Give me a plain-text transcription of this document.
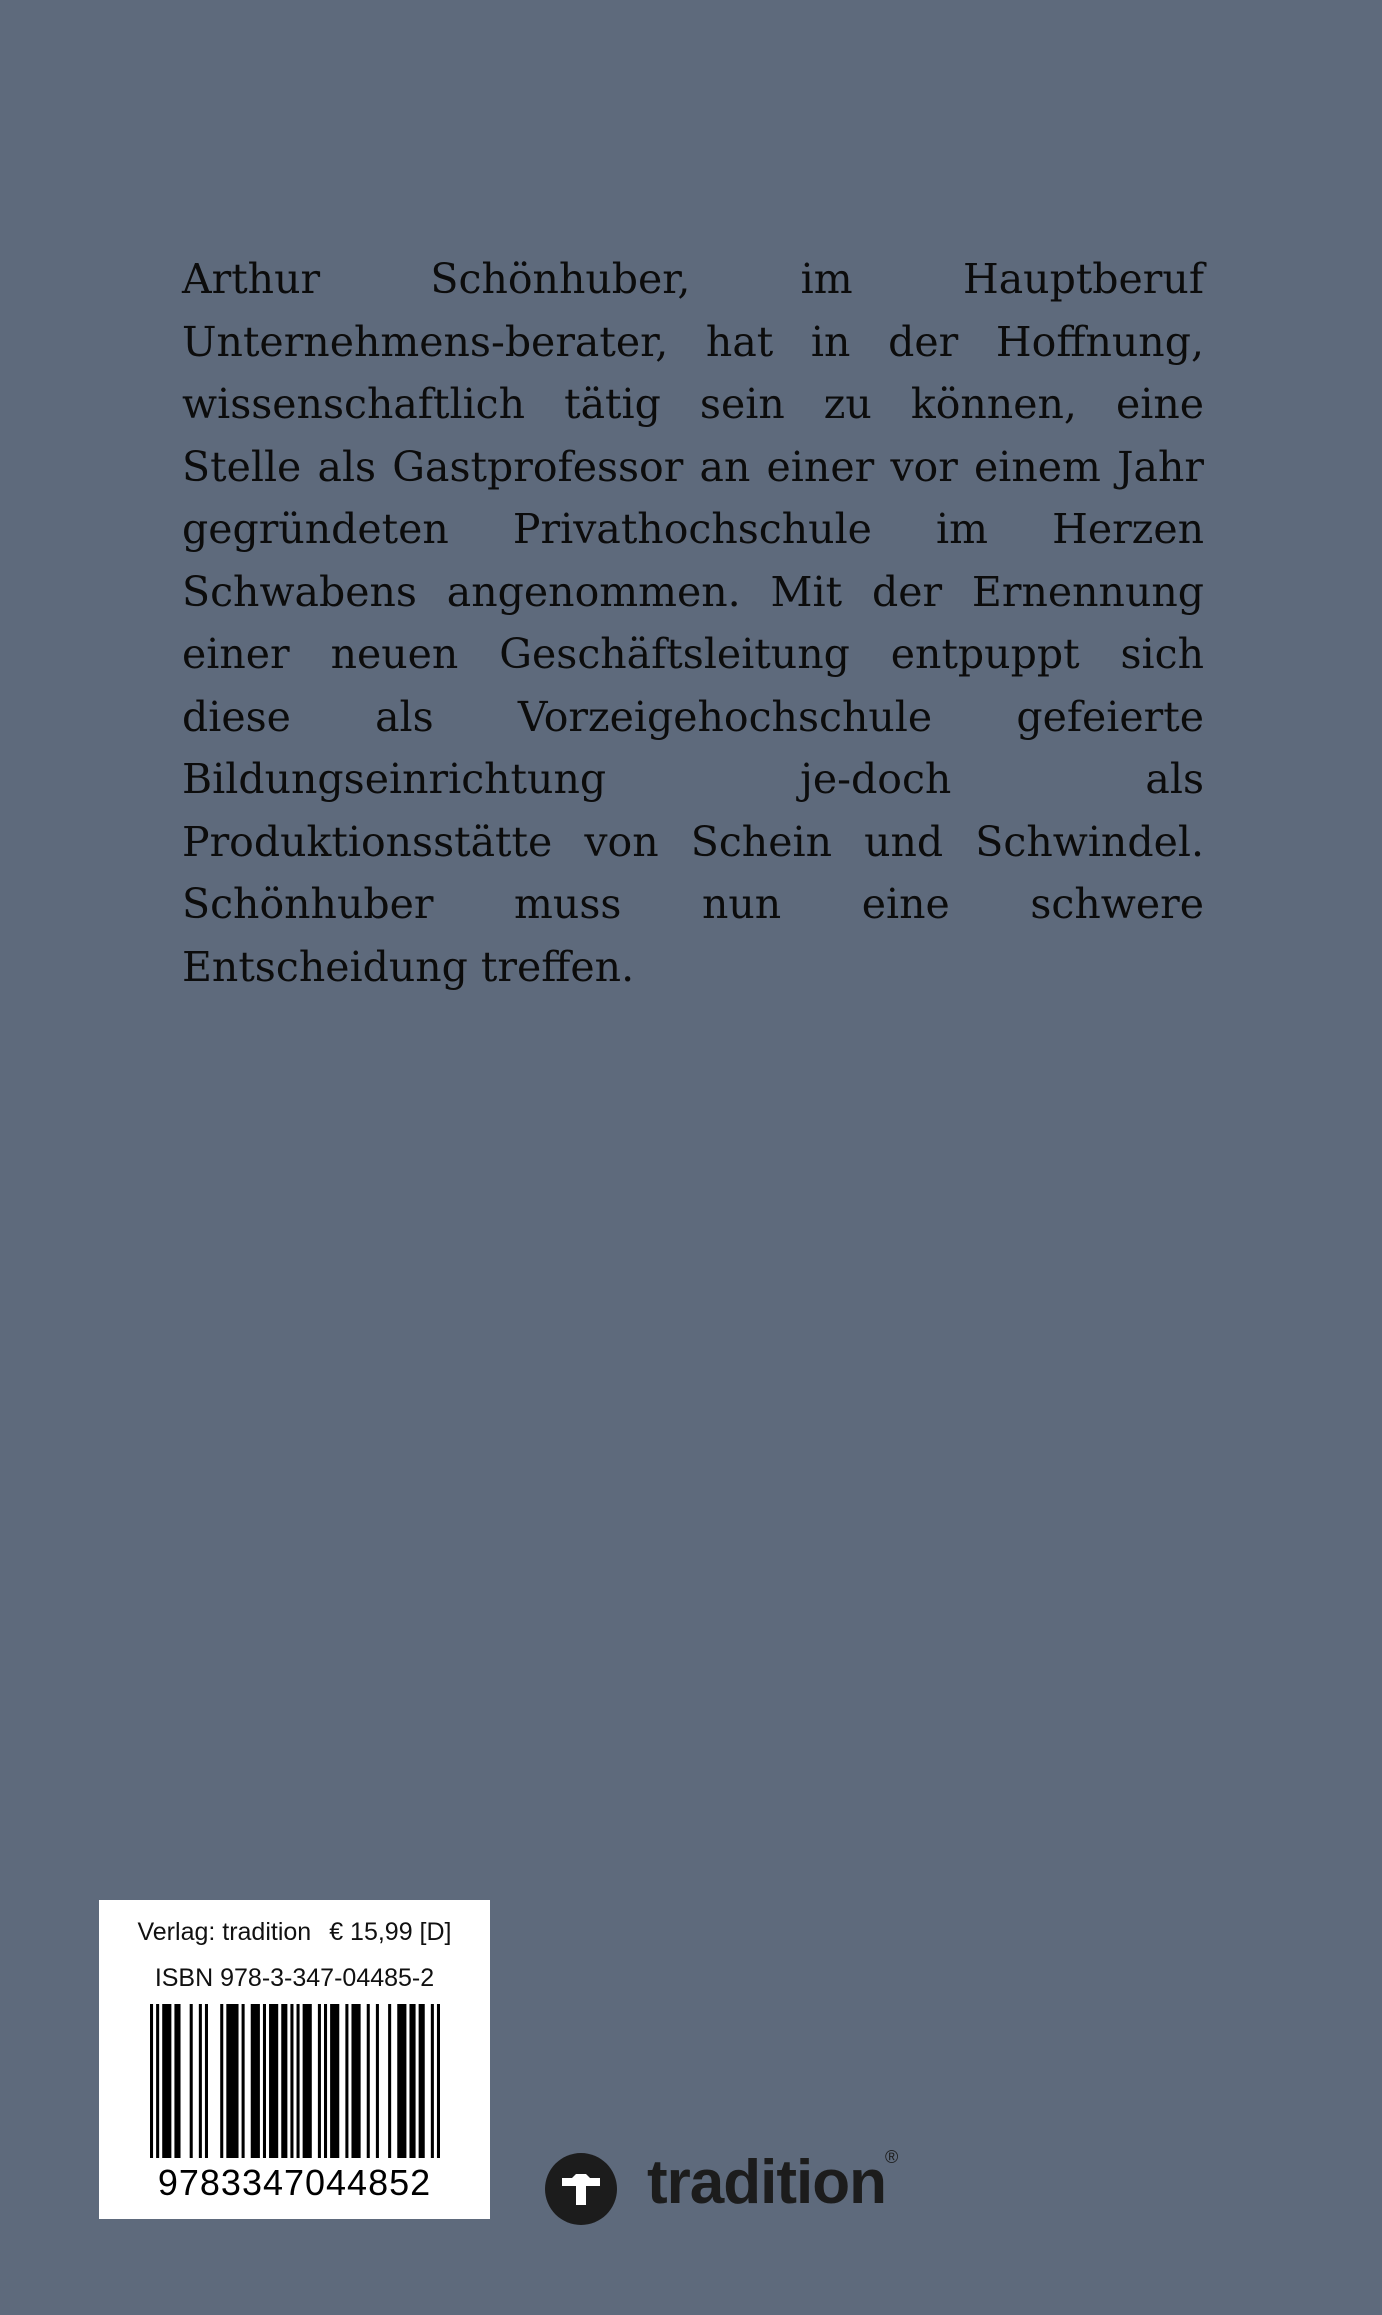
Arthur Schönhuber, im Hauptberuf Unternehmens-berater, hat in der Hoffnung, wissenschaftlich tätig sein zu können, eine Stelle als Gastprofessor an einer vor einem Jahr gegründeten Privathochschule im Herzen Schwabens angenommen. Mit der Ernennung einer neuen Geschäftsleitung entpuppt sich diese als Vorzeigehochschule gefeierte Bildungseinrichtung je-doch als Produktionsstätte von Schein und Schwindel. Schönhuber muss nun eine schwere Entscheidung treffen.

Verlag: tradition € 15,99 [D]
ISBN 978-3-347-04485-2
9783347044852	tradition ®
